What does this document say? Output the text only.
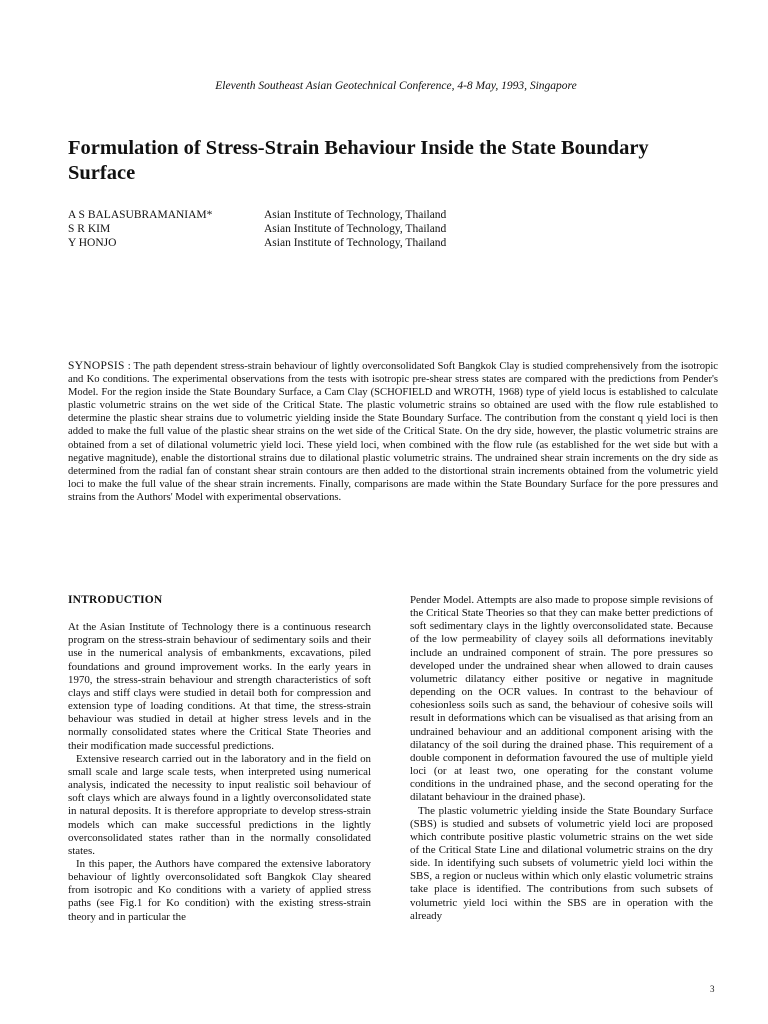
Eleventh Southeast Asian Geotechnical Conference, 4-8 May, 1993, Singapore
Formulation of Stress-Strain Behaviour Inside the State Boundary Surface
A S BALASUBRAMANIAM*	Asian Institute of Technology, Thailand
S R KIM	Asian Institute of Technology, Thailand
Y HONJO	Asian Institute of Technology, Thailand

SYNOPSIS : The path dependent stress-strain behaviour of lightly overconsolidated Soft Bangkok Clay is studied comprehensively from the isotropic and Ko conditions. The experimental observations from the tests with isotropic pre-shear stress states are compared with the predictions from Pender's Model. For the region inside the State Boundary Surface, a Cam Clay (SCHOFIELD and WROTH, 1968) type of yield locus is established to calculate plastic volumetric strains on the wet side of the Critical State. The plastic volumetric strains so obtained are used with the flow rule established to determine the plastic shear strains due to volumetric yielding inside the State Boundary Surface. The contribution from the constant q yield loci is then added to make the full value of the plastic shear strains on the wet side of the Critical State. On the dry side, however, the plastic volumetric strains are obtained from a set of dilational volumetric yield loci. These yield loci, when combined with the flow rule (as established for the wet side but with a negative magnitude), enable the distortional strains due to dilational plastic volumetric strains. The undrained shear strain increments on the dry side as determined from the radial fan of constant shear strain contours are then added to the distortional strain increments obtained from the volumetric yield loci to make the full value of the shear strain increments. Finally, comparisons are made within the State Boundary Surface for the pore pressures and strains from the Authors' Model with experimental observations.

INTRODUCTION

At the Asian Institute of Technology there is a continuous research program on the stress-strain behaviour of sedimentary soils and their use in the numerical analysis of embankments, excavations, piled foundations and ground improvement works. In the early years in 1970, the stress-strain behaviour and strength characteristics of soft clays and stiff clays were studied in detail both for compression and extension type of loading conditions. At that time, the stress-strain behaviour was studied in detail at higher stress levels and in the normally consolidated states where the Critical State Theories and their modification made successful predictions.

Extensive research carried out in the laboratory and in the field on small scale and large scale tests, when interpreted using numerical analysis, indicated the necessity to input realistic soil behaviour of soft clays which are always found in a lightly overconsolidated state in natural deposits. It is therefore appropriate to develop stress-strain models which can make successful predictions in the lightly overconsolidated states rather than in the normally consolidated states.

In this paper, the Authors have compared the extensive laboratory behaviour of lightly overconsolidated soft Bangkok Clay sheared from isotropic and Ko conditions with a variety of applied stress paths (see Fig.1 for Ko condition) with the existing stress-strain theory and in particular the

Pender Model. Attempts are also made to propose simple revisions of the Critical State Theories so that they can make better predictions of soft sedimentary clays in the lightly overconsolidated state. Because of the low permeability of clayey soils all deformations inevitably include an undrained component of strain. The pore pressures so developed under the undrained shear when allowed to drain causes volumetric dilatancy either positive or negative in magnitude depending on the OCR values. In contrast to the behaviour of cohesionless soils such as sand, the behaviour of cohesive soils will result in deformations which can be visualised as that arising from an undrained behaviour and an additional component arising with the dilatancy of the soil during the drained phase. This requirement of a double component in deformation favoured the use of multiple yield loci (or at least two, one operating for the constant volume conditions in the undrained phase, and the second operating for the dilatant behaviour in the drained phase).

The plastic volumetric yielding inside the State Boundary Surface (SBS) is studied and subsets of volumetric yield loci are proposed which contribute positive plastic volumetric strains on the wet side of the Critical State Line and dilational volumetric strains on the dry side. In identifying such subsets of volumetric yield loci within the SBS, a region or nucleus within which only elastic volumetric strains take place is identified. The contributions from such subsets of volumetric yield loci within the SBS are in operation with the already

3
